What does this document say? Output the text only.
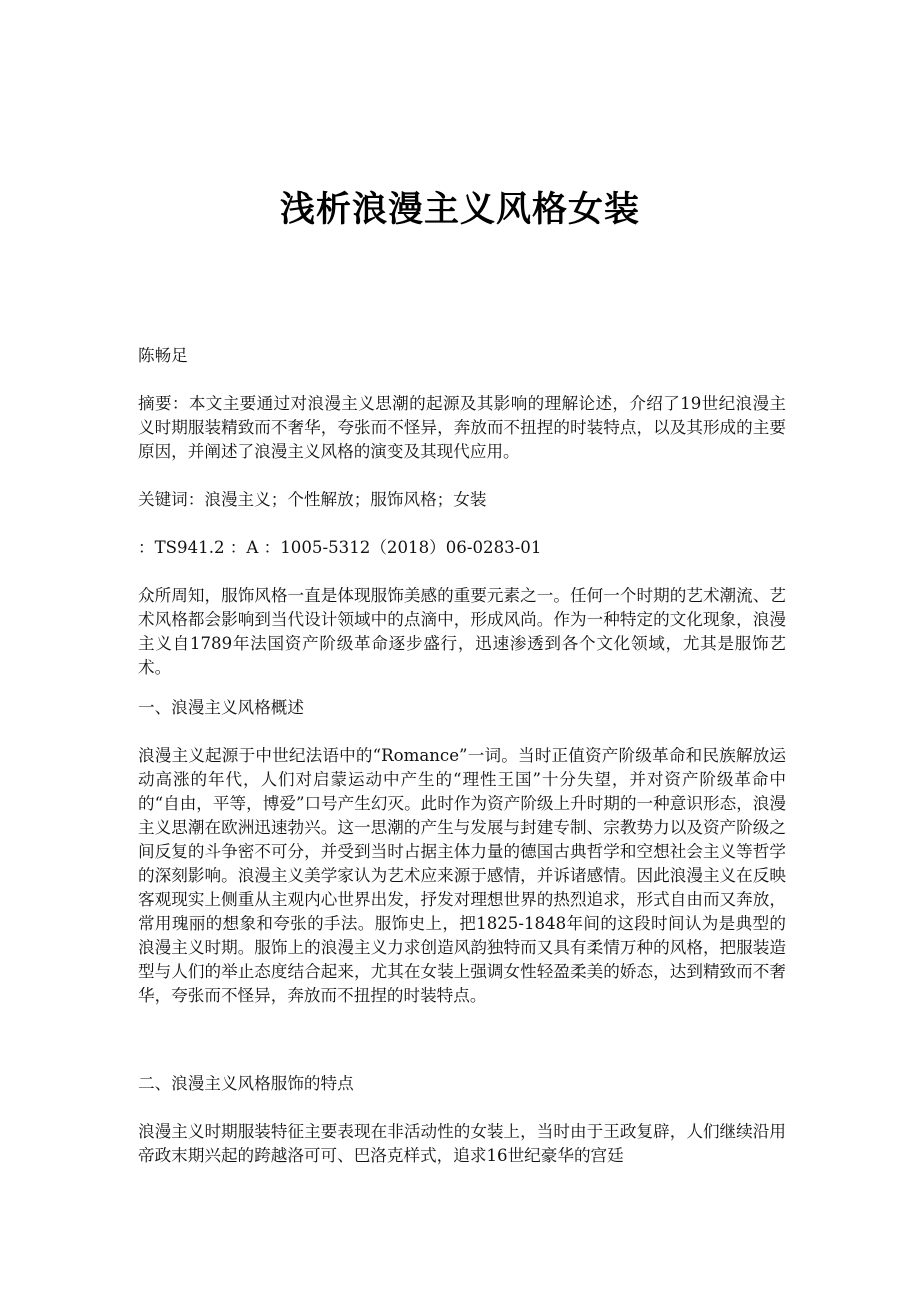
浅析浪漫主义风格女装

陈畅足

摘要：本文主要通过对浪漫主义思潮的起源及其影响的理解论述，介绍了19世纪浪漫主义时期服装精致而不奢华，夸张而不怪异，奔放而不扭捏的时装特点，以及其形成的主要原因，并阐述了浪漫主义风格的演变及其现代应用。

关键词：浪漫主义；个性解放；服饰风格；女装

：TS941.2 ：A ：1005-5312（2018）06-0283-01

众所周知，服饰风格一直是体现服饰美感的重要元素之一。任何一个时期的艺术潮流、艺术风格都会影响到当代设计领域中的点滴中，形成风尚。作为一种特定的文化现象，浪漫主义自1789年法国资产阶级革命逐步盛行，迅速渗透到各个文化领域，尤其是服饰艺术。

一、浪漫主义风格概述

浪漫主义起源于中世纪法语中的“Romance”一词。当时正值资产阶级革命和民族解放运动高涨的年代，人们对启蒙运动中产生的“理性王国”十分失望，并对资产阶级革命中的“自由，平等，博爱”口号产生幻灭。此时作为资产阶级上升时期的一种意识形态，浪漫主义思潮在欧洲迅速勃兴。这一思潮的产生与发展与封建专制、宗教势力以及资产阶级之间反复的斗争密不可分，并受到当时占据主体力量的德国古典哲学和空想社会主义等哲学的深刻影响。浪漫主义美学家认为艺术应来源于感情，并诉诸感情。因此浪漫主义在反映客观现实上侧重从主观内心世界出发，抒发对理想世界的热烈追求，形式自由而又奔放，常用瑰丽的想象和夸张的手法。服饰史上，把1825-1848年间的这段时间认为是典型的浪漫主义时期。服饰上的浪漫主义力求创造风韵独特而又具有柔情万种的风格，把服装造型与人们的举止态度结合起来，尤其在女装上强调女性轻盈柔美的娇态，达到精致而不奢华，夸张而不怪异，奔放而不扭捏的时装特点。

二、浪漫主义风格服饰的特点

浪漫主义时期服装特征主要表现在非活动性的女装上，当时由于王政复辟，人们继续沿用帝政末期兴起的跨越洛可可、巴洛克样式，追求16世纪豪华的宫廷
